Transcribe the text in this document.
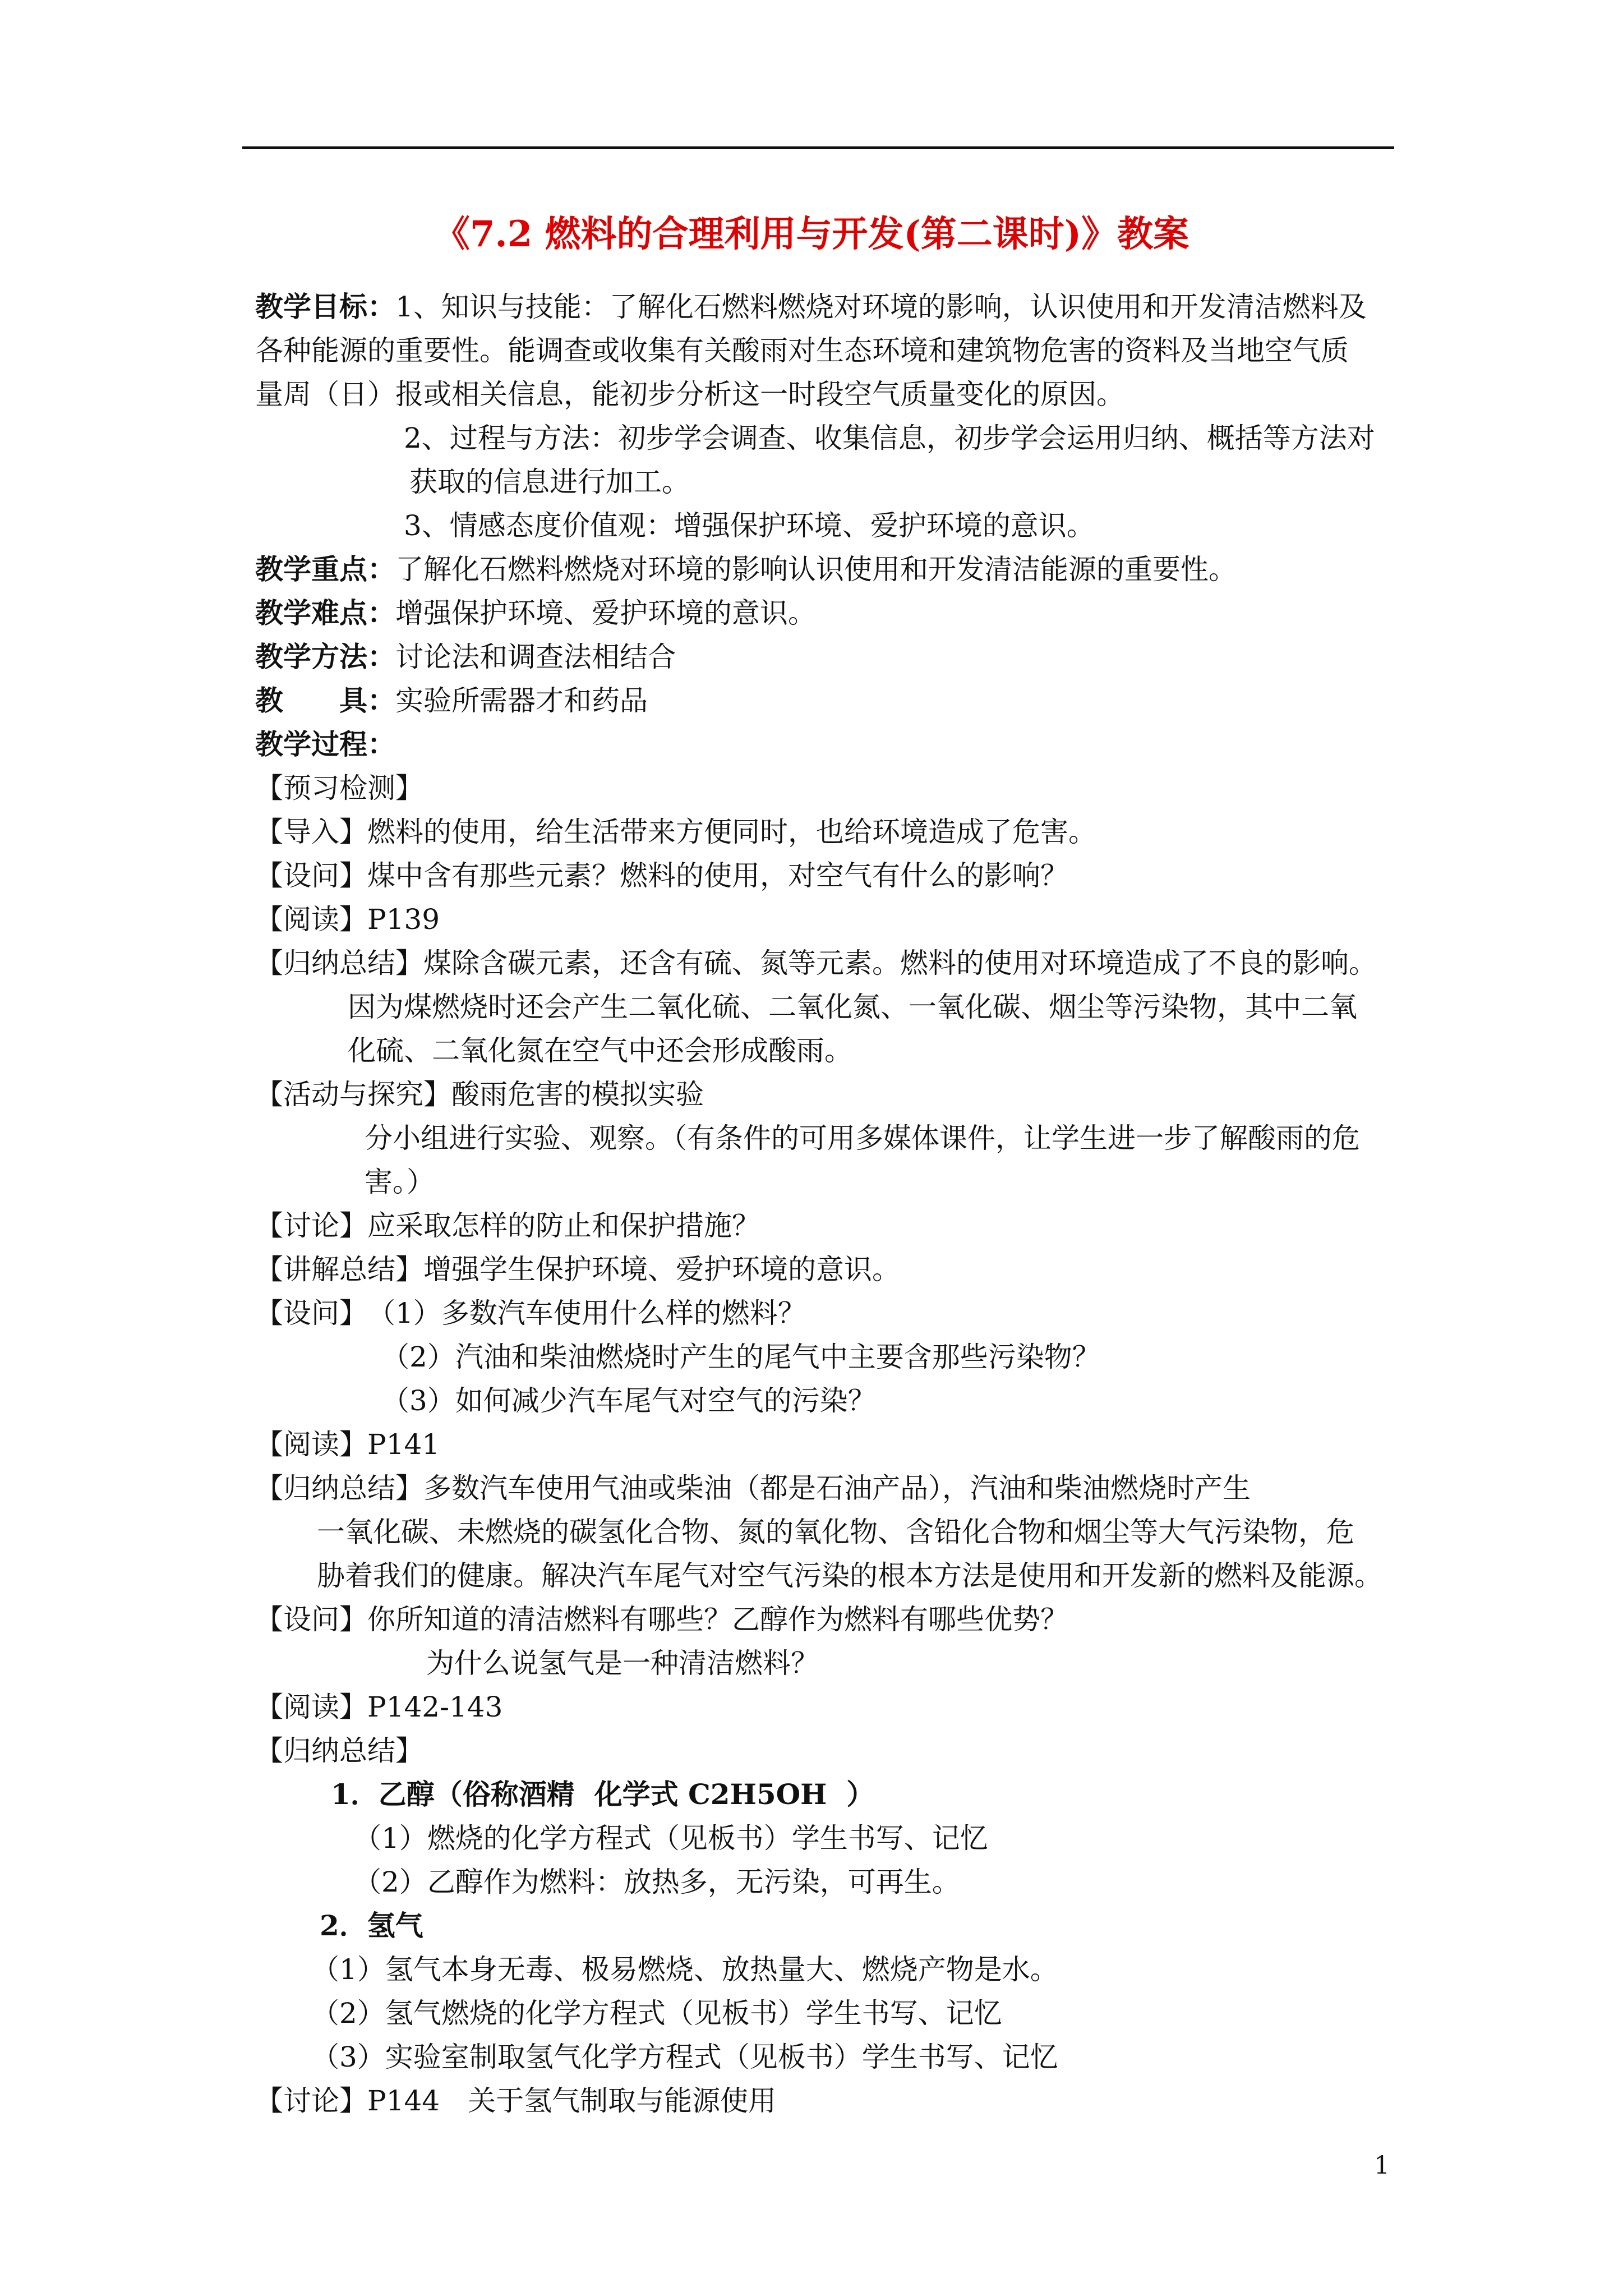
《7.2 燃料的合理利用与开发(第二课时)》教案
教学目标：1、知识与技能：了解化石燃料燃烧对环境的影响，认识使用和开发清洁燃料及
各种能源的重要性。能调查或收集有关酸雨对生态环境和建筑物危害的资料及当地空气质
量周（日）报或相关信息，能初步分析这一时段空气质量变化的原因。
2、过程与方法：初步学会调查、收集信息，初步学会运用归纳、概括等方法对
获取的信息进行加工。
3、情感态度价值观：增强保护环境、爱护环境的意识。
教学重点：了解化石燃料燃烧对环境的影响认识使用和开发清洁能源的重要性。
教学难点：增强保护环境、爱护环境的意识。
教学方法：讨论法和调查法相结合
教　　具：实验所需器才和药品
教学过程：
【预习检测】
【导入】燃料的使用，给生活带来方便同时，也给环境造成了危害。
【设问】煤中含有那些元素？燃料的使用，对空气有什么的影响？
【阅读】P139
【归纳总结】煤除含碳元素，还含有硫、氮等元素。燃料的使用对环境造成了不良的影响。
因为煤燃烧时还会产生二氧化硫、二氧化氮、一氧化碳、烟尘等污染物，其中二氧
化硫、二氧化氮在空气中还会形成酸雨。
【活动与探究】酸雨危害的模拟实验
分小组进行实验、观察。（有条件的可用多媒体课件，让学生进一步了解酸雨的危
害。）
【讨论】应采取怎样的防止和保护措施？
【讲解总结】增强学生保护环境、爱护环境的意识。
【设问】　（1）多数汽车使用什么样的燃料？
（2）汽油和柴油燃烧时产生的尾气中主要含那些污染物？
（3）如何减少汽车尾气对空气的污染？
【阅读】P141
【归纳总结】多数汽车使用气油或柴油（都是石油产品），汽油和柴油燃烧时产生
一氧化碳、未燃烧的碳氢化合物、氮的氧化物、含铅化合物和烟尘等大气污染物，危
胁着我们的健康。解决汽车尾气对空气污染的根本方法是使用和开发新的燃料及能源。
【设问】你所知道的清洁燃料有哪些？乙醇作为燃料有哪些优势？
为什么说氢气是一种清洁燃料？
【阅读】P142-143
【归纳总结】
1．乙醇（俗称酒精  化学式 C2H5OH  ）
（1）燃烧的化学方程式（见板书）学生书写、记忆
（2）乙醇作为燃料：放热多，无污染，可再生。
2．氢气
（1）氢气本身无毒、极易燃烧、放热量大、燃烧产物是水。
（2）氢气燃烧的化学方程式（见板书）学生书写、记忆
（3）实验室制取氢气化学方程式（见板书）学生书写、记忆
【讨论】P144　关于氢气制取与能源使用
1
